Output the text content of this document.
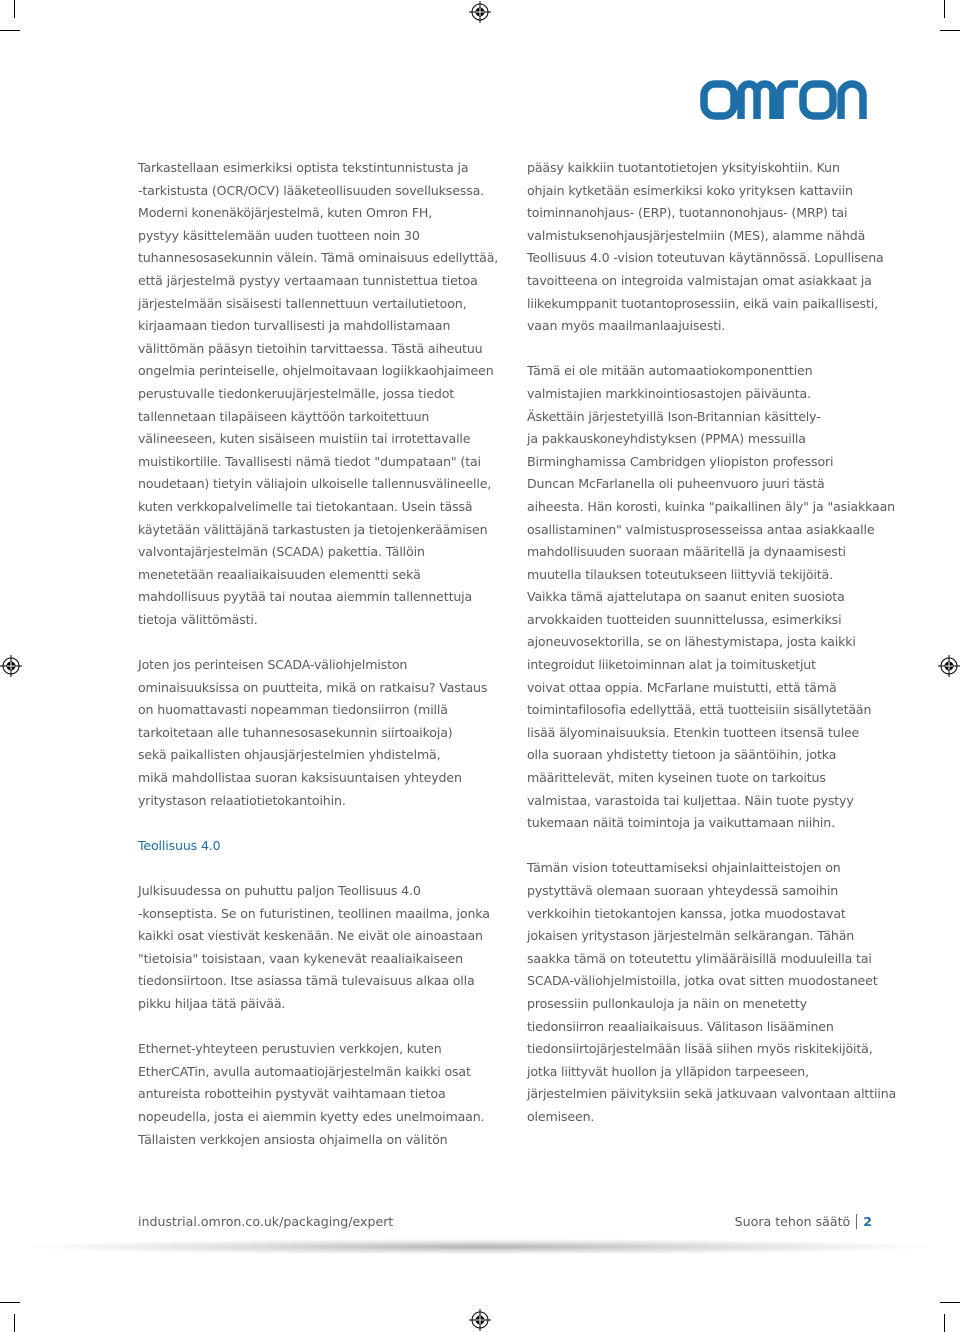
Tarkastellaan esimerkiksi optista tekstintunnistusta ja
-tarkistusta (OCR/OCV) lääketeollisuuden sovelluksessa.
Moderni konenäköjärjestelmä, kuten Omron FH,
pystyy käsittelemään uuden tuotteen noin 30
tuhannesosasekunnin välein. Tämä ominaisuus edellyttää,
että järjestelmä pystyy vertaamaan tunnistettua tietoa
järjestelmään sisäisesti tallennettuun vertailutietoon,
kirjaamaan tiedon turvallisesti ja mahdollistamaan
välittömän pääsyn tietoihin tarvittaessa. Tästä aiheutuu
ongelmia perinteiselle, ohjelmoitavaan logiikkaohjaimeen
perustuvalle tiedonkeruujärjestelmälle, jossa tiedot
tallennetaan tilapäiseen käyttöön tarkoitettuun
välineeseen, kuten sisäiseen muistiin tai irrotettavalle
muistikortille. Tavallisesti nämä tiedot "dumpataan" (tai
noudetaan) tietyin väliajoin ulkoiselle tallennusvälineelle,
kuten verkkopalvelimelle tai tietokantaan. Usein tässä
käytetään välittäjänä tarkastusten ja tietojenkeräämisen
valvontajärjestelmän (SCADA) pakettia. Tällöin
menetetään reaaliaikaisuuden elementti sekä
mahdollisuus pyytää tai noutaa aiemmin tallennettuja
tietoja välittömästi.
Joten jos perinteisen SCADA-väliohjelmiston
ominaisuuksissa on puutteita, mikä on ratkaisu? Vastaus
on huomattavasti nopeamman tiedonsiirron (millä
tarkoitetaan alle tuhannesosasekunnin siirtoaikoja)
sekä paikallisten ohjausjärjestelmien yhdistelmä,
mikä mahdollistaa suoran kaksisuuntaisen yhteyden
yritystason relaatiotietokantoihin.
Teollisuus 4.0
Julkisuudessa on puhuttu paljon Teollisuus 4.0
-konseptista. Se on futuristinen, teollinen maailma, jonka
kaikki osat viestivät keskenään. Ne eivät ole ainoastaan
"tietoisia" toisistaan, vaan kykenevät reaaliaikaiseen
tiedonsiirtoon. Itse asiassa tämä tulevaisuus alkaa olla
pikku hiljaa tätä päivää.
Ethernet-yhteyteen perustuvien verkkojen, kuten
EtherCATin, avulla automaatiojärjestelmän kaikki osat
antureista robotteihin pystyvät vaihtamaan tietoa
nopeudella, josta ei aiemmin kyetty edes unelmoimaan.
Tällaisten verkkojen ansiosta ohjaimella on välitön
pääsy kaikkiin tuotantotietojen yksityiskohtiin. Kun
ohjain kytketään esimerkiksi koko yrityksen kattaviin
toiminnanohjaus- (ERP), tuotannonohjaus- (MRP) tai
valmistuksenohjausjärjestelmiin (MES), alamme nähdä
Teollisuus 4.0 -vision toteutuvan käytännössä. Lopullisena
tavoitteena on integroida valmistajan omat asiakkaat ja
liikekumppanit tuotantoprosessiin, eikä vain paikallisesti,
vaan myös maailmanlaajuisesti.
Tämä ei ole mitään automaatiokomponenttien
valmistajien markkinointiosastojen päiväunta.
Äskettäin järjestetyillä Ison-Britannian käsittely-
ja pakkauskoneyhdistyksen (PPMA) messuilla
Birminghamissa Cambridgen yliopiston professori
Duncan McFarlanella oli puheenvuoro juuri tästä
aiheesta. Hän korosti, kuinka "paikallinen äly" ja "asiakkaan
osallistaminen" valmistusprosesseissa antaa asiakkaalle
mahdollisuuden suoraan määritellä ja dynaamisesti
muutella tilauksen toteutukseen liittyviä tekijöitä.
Vaikka tämä ajattelutapa on saanut eniten suosiota
arvokkaiden tuotteiden suunnittelussa, esimerkiksi
ajoneuvosektorilla, se on lähestymistapa, josta kaikki
integroidut liiketoiminnan alat ja toimitusketjut
voivat ottaa oppia. McFarlane muistutti, että tämä
toimintafilosofia edellyttää, että tuotteisiin sisällytetään
lisää älyominaisuuksia. Etenkin tuotteen itsensä tulee
olla suoraan yhdistetty tietoon ja sääntöihin, jotka
määrittelevät, miten kyseinen tuote on tarkoitus
valmistaa, varastoida tai kuljettaa. Näin tuote pystyy
tukemaan näitä toimintoja ja vaikuttamaan niihin.
Tämän vision toteuttamiseksi ohjainlaitteistojen on
pystyttävä olemaan suoraan yhteydessä samoihin
verkkoihin tietokantojen kanssa, jotka muodostavat
jokaisen yritystason järjestelmän selkärangan. Tähän
saakka tämä on toteutettu ylimääräisillä moduuleilla tai
SCADA-väliohjelmistoilla, jotka ovat sitten muodostaneet
prosessiin pullonkauloja ja näin on menetetty
tiedonsiirron reaaliaikaisuus. Välitason lisääminen
tiedonsiirtojärjestelmään lisää siihen myös riskitekijöitä,
jotka liittyvät huollon ja ylläpidon tarpeeseen,
järjestelmien päivityksiin sekä jatkuvaan valvontaan alttiina
olemiseen.
industrial.omron.co.uk/packaging/expert	Suora tehon säätö 2
